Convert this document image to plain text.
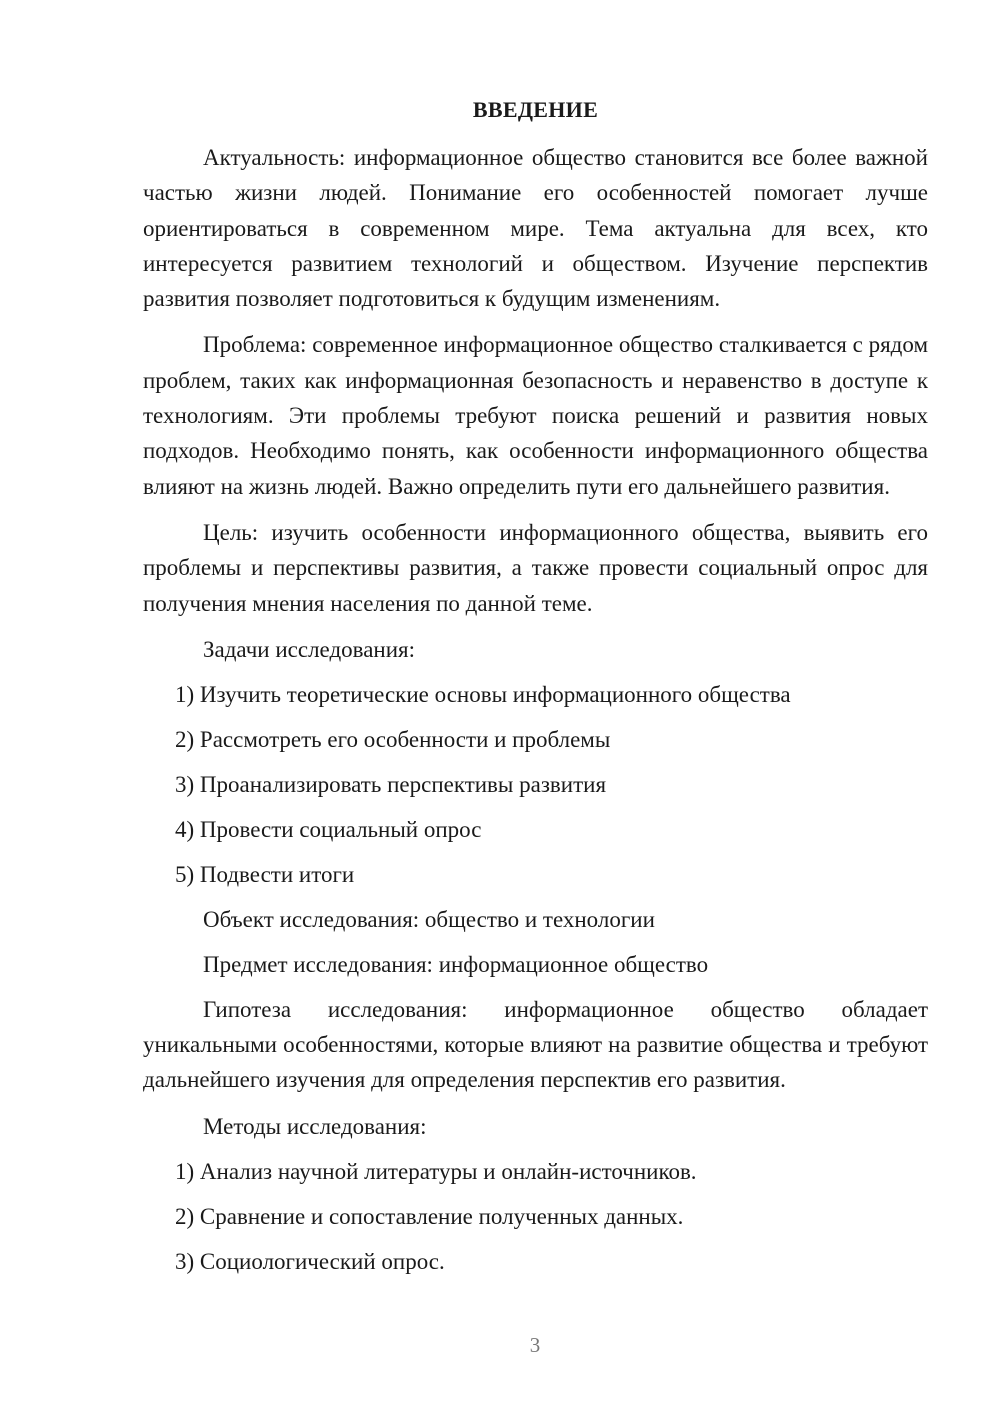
ВВЕДЕНИЕ

Актуальность: информационное общество становится все более важной частью жизни людей. Понимание его особенностей помогает лучше ориентироваться в современном мире. Тема актуальна для всех, кто интересуется развитием технологий и обществом. Изучение перспектив развития позволяет подготовиться к будущим изменениям.

Проблема: современное информационное общество сталкивается с рядом проблем, таких как информационная безопасность и неравенство в доступе к технологиям. Эти проблемы требуют поиска решений и развития новых подходов. Необходимо понять, как особенности информационного общества влияют на жизнь людей. Важно определить пути его дальнейшего развития.

Цель: изучить особенности информационного общества, выявить его проблемы и перспективы развития, а также провести социальный опрос для получения мнения населения по данной теме.

Задачи исследования:

1) Изучить теоретические основы информационного общества
2) Рассмотреть его особенности и проблемы
3) Проанализировать перспективы развития
4) Провести социальный опрос
5) Подвести итоги

Объект исследования: общество и технологии

Предмет исследования: информационное общество

Гипотеза исследования: информационное общество обладает уникальными особенностями, которые влияют на развитие общества и требуют дальнейшего изучения для определения перспектив его развития.

Методы исследования:

1) Анализ научной литературы и онлайн-источников.
2) Сравнение и сопоставление полученных данных.
3) Социологический опрос.
3
